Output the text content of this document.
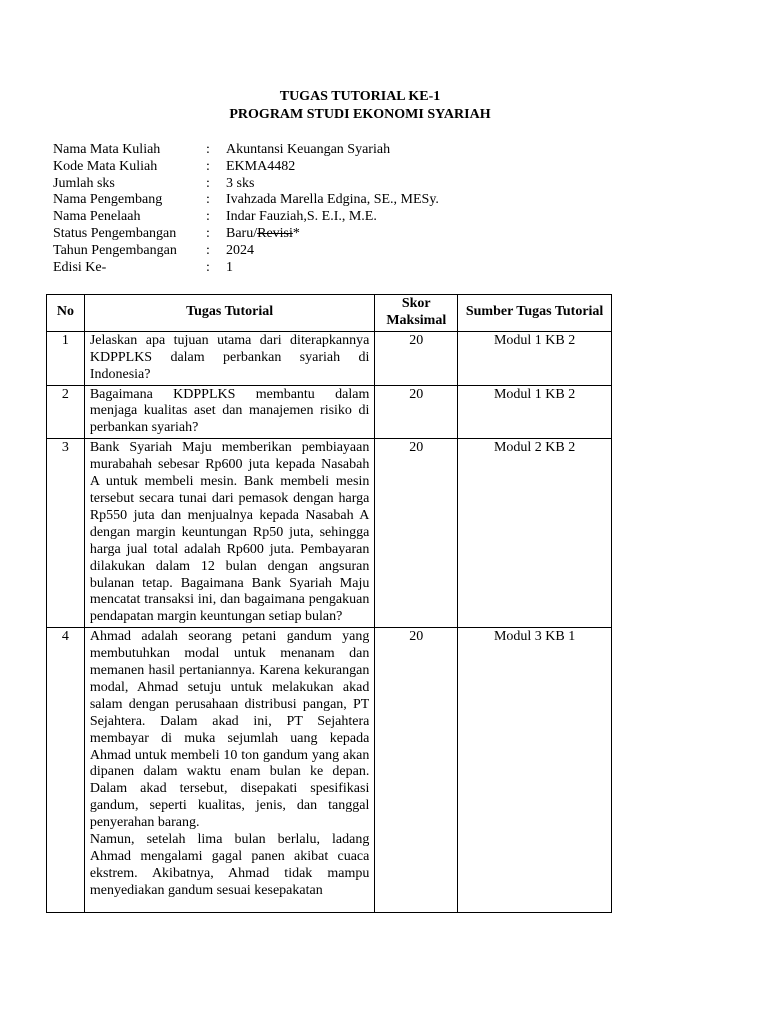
TUGAS TUTORIAL KE-1
PROGRAM STUDI EKONOMI SYARIAH
Nama Mata Kuliah	:	Akuntansi Keuangan Syariah
Kode Mata Kuliah	:	EKMA4482
Jumlah sks	:	3 sks
Nama Pengembang	:	Ivahzada Marella Edgina, SE., MESy.
Nama Penelaah	:	Indar Fauziah,S. E.I., M.E.
Status Pengembangan	:	Baru/Revisi*
Tahun Pengembangan	:	2024
Edisi Ke-	:	1
No	Tugas Tutorial	Skor Maksimal	Sumber Tugas Tutorial
1	Jelaskan apa tujuan utama dari diterapkannya KDPPLKS dalam perbankan syariah di Indonesia?	20	Modul 1 KB 2
2	Bagaimana KDPPLKS membantu dalam menjaga kualitas aset dan manajemen risiko di perbankan syariah?	20	Modul 1 KB 2
3	Bank Syariah Maju memberikan pembiayaan murabahah sebesar Rp600 juta kepada Nasabah A untuk membeli mesin. Bank membeli mesin tersebut secara tunai dari pemasok dengan harga Rp550 juta dan menjualnya kepada Nasabah A dengan margin keuntungan Rp50 juta, sehingga harga jual total adalah Rp600 juta. Pembayaran dilakukan dalam 12 bulan dengan angsuran bulanan tetap. Bagaimana Bank Syariah Maju mencatat transaksi ini, dan bagaimana pengakuan pendapatan margin keuntungan setiap bulan?	20	Modul 2 KB 2
4	Ahmad adalah seorang petani gandum yang membutuhkan modal untuk menanam dan memanen hasil pertaniannya. Karena kekurangan modal, Ahmad setuju untuk melakukan akad salam dengan perusahaan distribusi pangan, PT Sejahtera. Dalam akad ini, PT Sejahtera membayar di muka sejumlah uang kepada Ahmad untuk membeli 10 ton gandum yang akan dipanen dalam waktu enam bulan ke depan. Dalam akad tersebut, disepakati spesifikasi gandum, seperti kualitas, jenis, dan tanggal penyerahan barang.
Namun, setelah lima bulan berlalu, ladang Ahmad mengalami gagal panen akibat cuaca ekstrem. Akibatnya, Ahmad tidak mampu menyediakan gandum sesuai kesepakatan	20	Modul 3 KB 1
